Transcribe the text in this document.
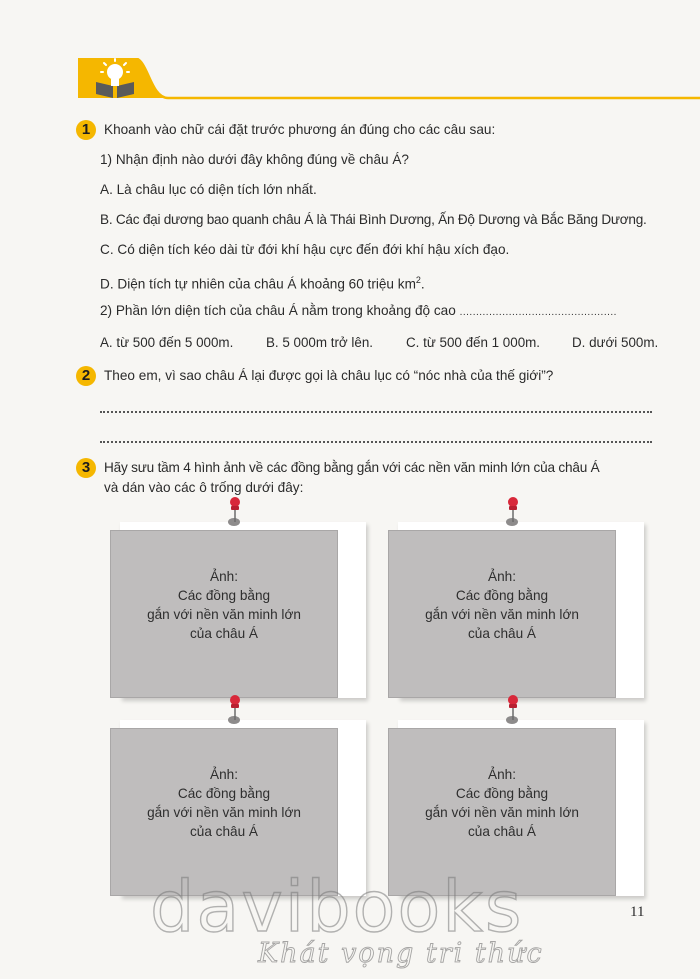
1	Khoanh vào chữ cái đặt trước phương án đúng cho các câu sau:
1) Nhận định nào dưới đây không đúng về châu Á?
A. Là châu lục có diện tích lớn nhất.
B. Các đại dương bao quanh châu Á là Thái Bình Dương, Ấn Độ Dương và Bắc Băng Dương.
C. Có diện tích kéo dài từ đới khí hậu cực đến đới khí hậu xích đạo.
D. Diện tích tự nhiên của châu Á khoảng 60 triệu $km^2$.
2) Phần lớn diện tích của châu Á nằm trong khoảng độ cao ................................................
A. từ 500 đến 5 000m. B. 5 000m trở lên. C. từ 500 đến 1 000m. D. dưới 500m.
2	Theo em, vì sao châu Á lại được gọi là châu lục có “nóc nhà của thế giới”?
3	Hãy sưu tầm 4 hình ảnh về các đồng bằng gắn với các nền văn minh lớn của châu Á
và dán vào các ô trống dưới đây:
Ảnh:
Các đồng bằng
gắn với nền văn minh lớn
của châu Á
Ảnh:
Các đồng bằng
gắn với nền văn minh lớn
của châu Á
Ảnh:
Các đồng bằng
gắn với nền văn minh lớn
của châu Á
Ảnh:
Các đồng bằng
gắn với nền văn minh lớn
của châu Á
11
davibooks
Khát vọng tri thức
